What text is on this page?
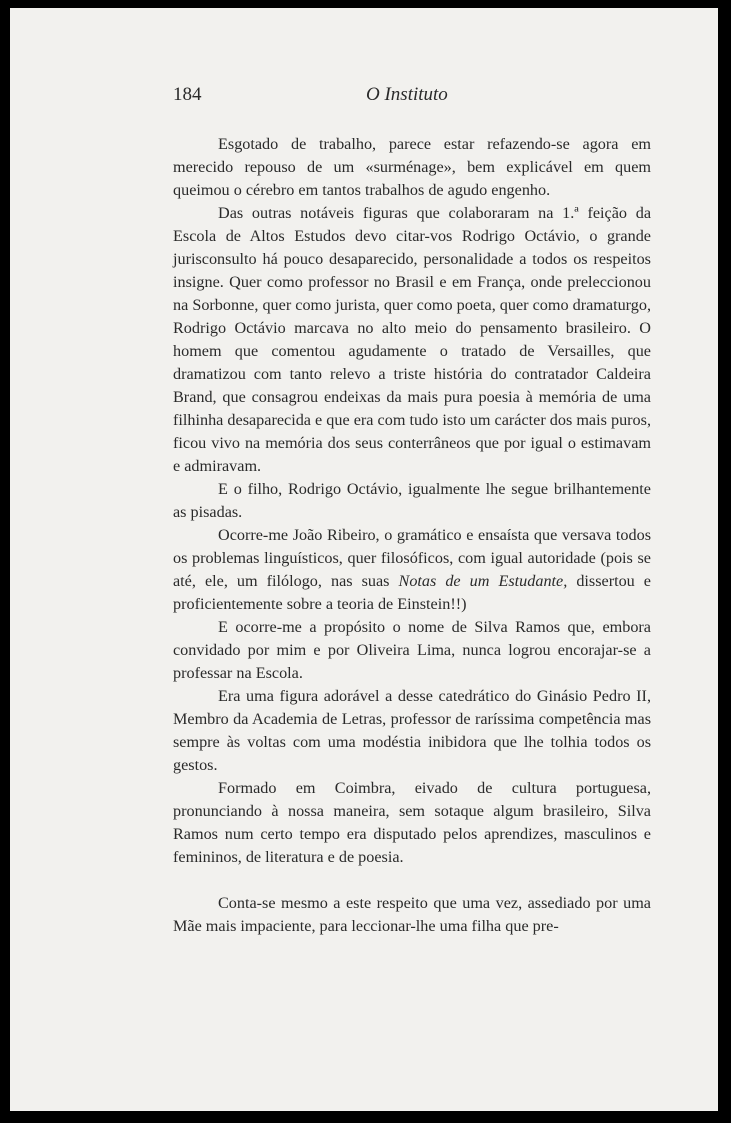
184	O Instituto

Esgotado de trabalho, parece estar refazendo-se agora em merecido repouso de um «surménage», bem explicável em quem queimou o cérebro em tantos trabalhos de agudo engenho.

Das outras notáveis figuras que colaboraram na 1.ª feição da Escola de Altos Estudos devo citar-vos Rodrigo Octávio, o grande jurisconsulto há pouco desaparecido, personalidade a todos os respeitos insigne. Quer como professor no Brasil e em França, onde preleccionou na Sorbonne, quer como jurista, quer como poeta, quer como dramaturgo, Rodrigo Octávio marcava no alto meio do pensamento brasileiro. O homem que comentou agudamente o tratado de Versailles, que dramatizou com tanto relevo a triste história do contratador Caldeira Brand, que consagrou endeixas da mais pura poesia à memória de uma filhinha desaparecida e que era com tudo isto um carácter dos mais puros, ficou vivo na memória dos seus conterrâneos que por igual o estimavam e admiravam.

E o filho, Rodrigo Octávio, igualmente lhe segue brilhantemente as pisadas.

Ocorre-me João Ribeiro, o gramático e ensaísta que versava todos os problemas linguísticos, quer filosóficos, com igual autoridade (pois se até, ele, um filólogo, nas suas Notas de um Estudante, dissertou e proficientemente sobre a teoria de Einstein!!)

E ocorre-me a propósito o nome de Silva Ramos que, embora convidado por mim e por Oliveira Lima, nunca logrou encorajar-se a professar na Escola.

Era uma figura adorável a desse catedrático do Ginásio Pedro II, Membro da Academia de Letras, professor de raríssima competência mas sempre às voltas com uma modéstia inibidora que lhe tolhia todos os gestos.

Formado em Coimbra, eivado de cultura portuguesa, pronunciando à nossa maneira, sem sotaque algum brasileiro, Silva Ramos num certo tempo era disputado pelos aprendizes, masculinos e femininos, de literatura e de poesia.

Conta-se mesmo a este respeito que uma vez, assediado por uma Mãe mais impaciente, para leccionar-lhe uma filha que pre-
